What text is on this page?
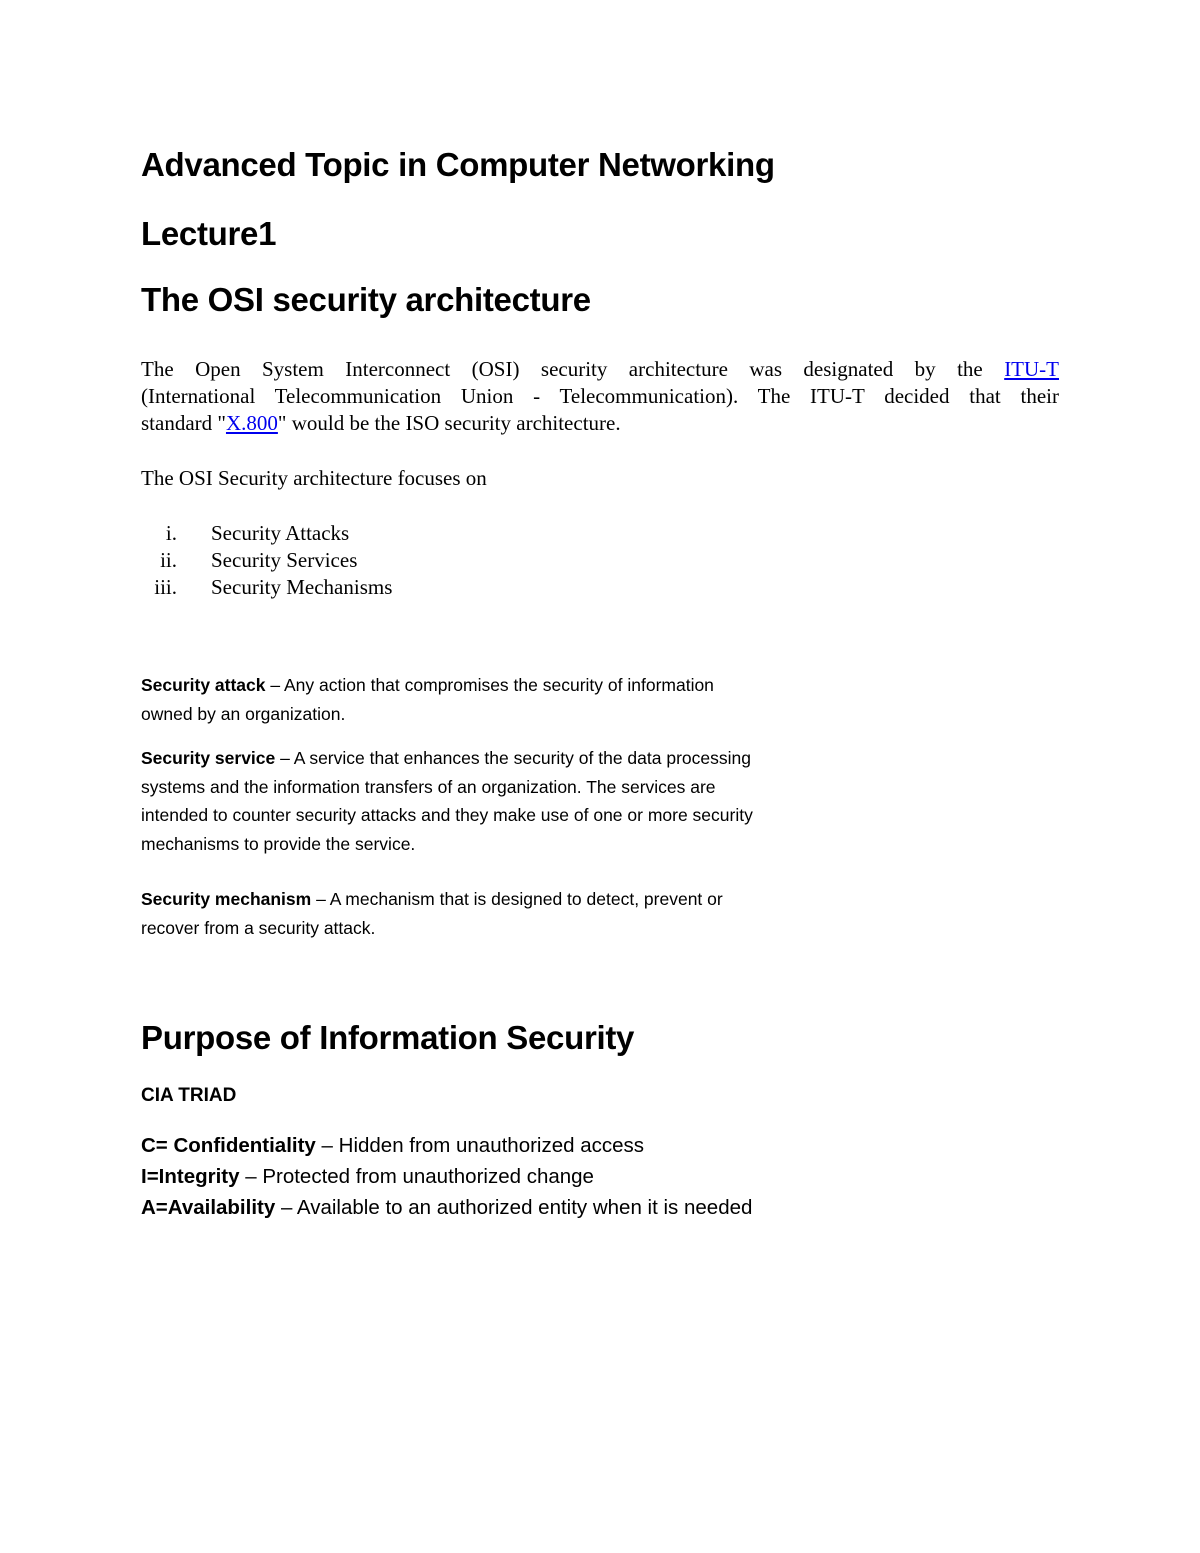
Advanced Topic in Computer Networking
Lecture1
The OSI security architecture
The Open System Interconnect (OSI) security architecture was designated by the ITU-T
(International Telecommunication Union - Telecommunication). The ITU-T decided that their
standard "X.800" would be the ISO security architecture.

The OSI Security architecture focuses on

i. Security Attacks
ii. Security Services
iii. Security Mechanisms
Security attack – Any action that compromises the security of information
owned by an organization.
Security service – A service that enhances the security of the data processing
systems and the information transfers of an organization. The services are
intended to counter security attacks and they make use of one or more security
mechanisms to provide the service.
Security mechanism – A mechanism that is designed to detect, prevent or
recover from a security attack.
Purpose of Information Security

CIA TRIAD

C= Confidentiality – Hidden from unauthorized access
I=Integrity – Protected from unauthorized change
A=Availability – Available to an authorized entity when it is needed
